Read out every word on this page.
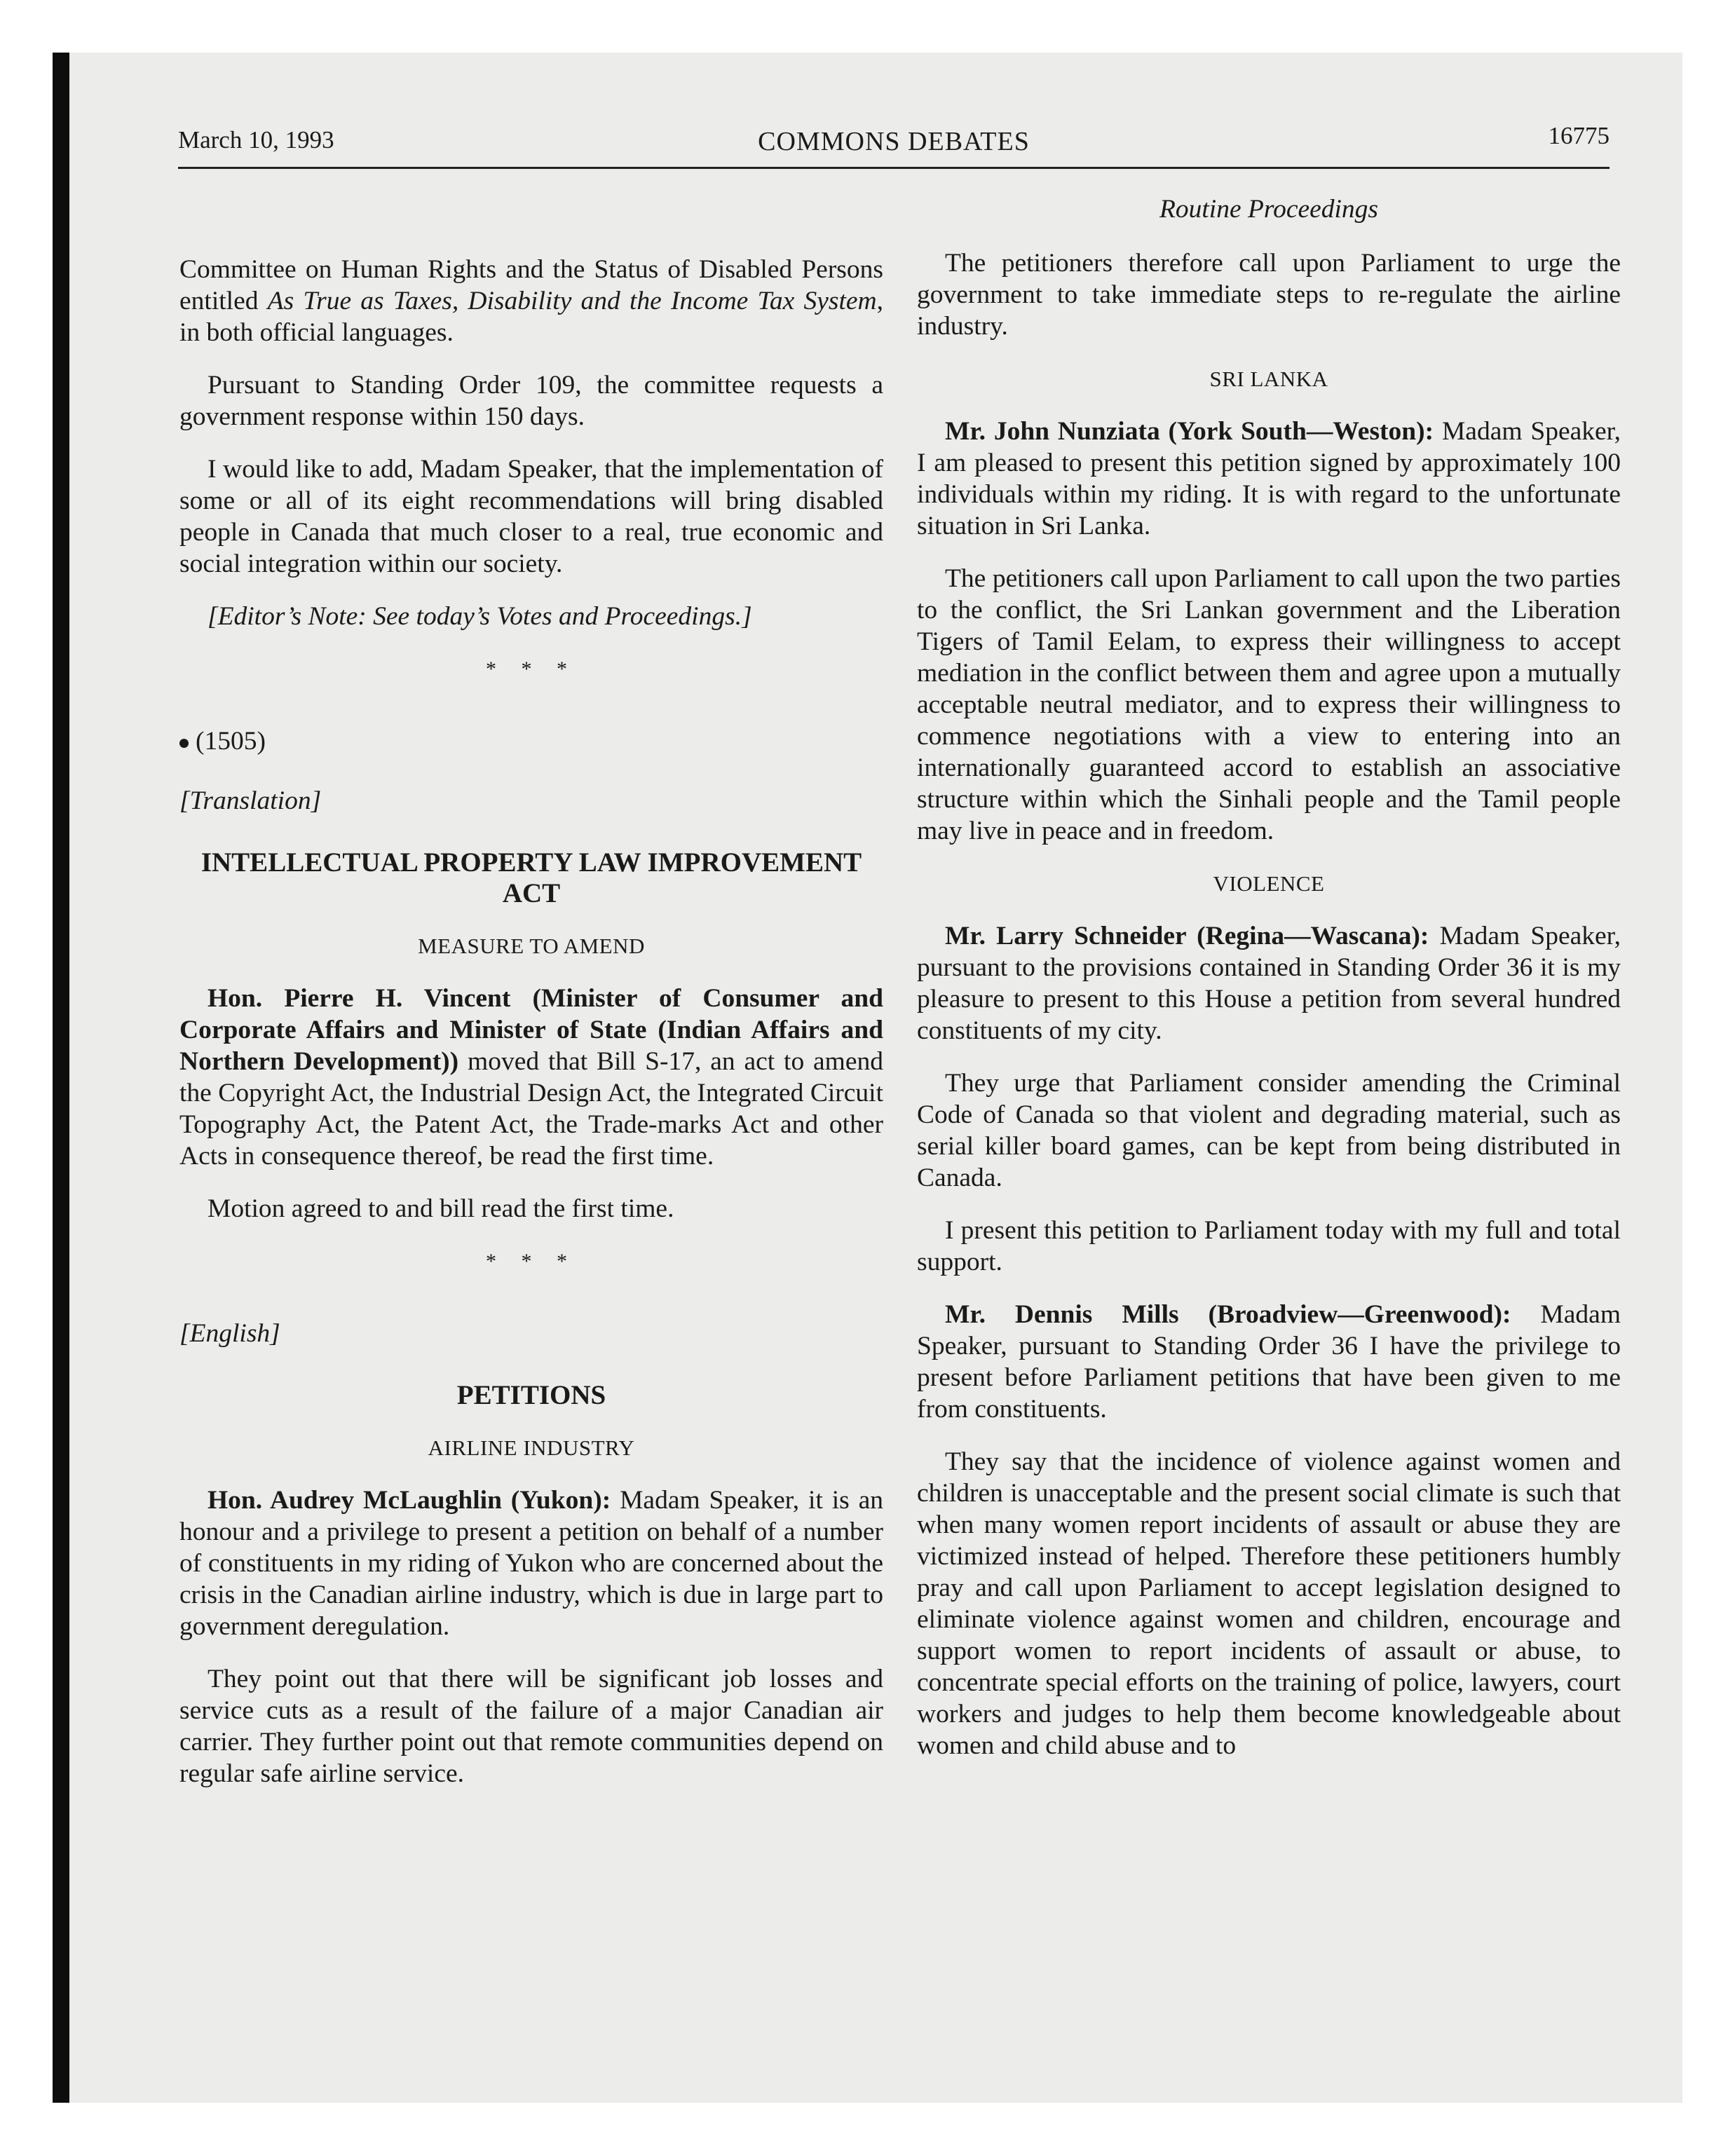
March 10, 1993	COMMONS DEBATES	16775

Committee on Human Rights and the Status of Disabled Persons entitled As True as Taxes, Disability and the Income Tax System, in both official languages.

Pursuant to Standing Order 109, the committee requests a government response within 150 days.

I would like to add, Madam Speaker, that the implementation of some or all of its eight recommendations will bring disabled people in Canada that much closer to a real, true economic and social integration within our society.

[Editor’s Note: See today’s Votes and Proceedings.]

* * *
(1505)
[Translation]
INTELLECTUAL PROPERTY LAW IMPROVEMENT ACT
MEASURE TO AMEND

Hon. Pierre H. Vincent (Minister of Consumer and Corporate Affairs and Minister of State (Indian Affairs and Northern Development)) moved that Bill S-17, an act to amend the Copyright Act, the Industrial Design Act, the Integrated Circuit Topography Act, the Patent Act, the Trade-marks Act and other Acts in consequence thereof, be read the first time.

Motion agreed to and bill read the first time.

* * *
[English]
PETITIONS
AIRLINE INDUSTRY

Hon. Audrey McLaughlin (Yukon): Madam Speaker, it is an honour and a privilege to present a petition on behalf of a number of constituents in my riding of Yukon who are concerned about the crisis in the Canadian airline industry, which is due in large part to government deregulation.

They point out that there will be significant job losses and service cuts as a result of the failure of a major Canadian air carrier. They further point out that remote communities depend on regular safe airline service.

Routine Proceedings

The petitioners therefore call upon Parliament to urge the government to take immediate steps to re-regulate the airline industry.

SRI LANKA

Mr. John Nunziata (York South—Weston): Madam Speaker, I am pleased to present this petition signed by approximately 100 individuals within my riding. It is with regard to the unfortunate situation in Sri Lanka.

The petitioners call upon Parliament to call upon the two parties to the conflict, the Sri Lankan government and the Liberation Tigers of Tamil Eelam, to express their willingness to accept mediation in the conflict between them and agree upon a mutually acceptable neutral mediator, and to express their willingness to commence negotiations with a view to entering into an internationally guaranteed accord to establish an associative structure within which the Sinhali people and the Tamil people may live in peace and in freedom.

VIOLENCE

Mr. Larry Schneider (Regina—Wascana): Madam Speaker, pursuant to the provisions contained in Standing Order 36 it is my pleasure to present to this House a petition from several hundred constituents of my city.

They urge that Parliament consider amending the Criminal Code of Canada so that violent and degrading material, such as serial killer board games, can be kept from being distributed in Canada.

I present this petition to Parliament today with my full and total support.

Mr. Dennis Mills (Broadview—Greenwood): Madam Speaker, pursuant to Standing Order 36 I have the privilege to present before Parliament petitions that have been given to me from constituents.

They say that the incidence of violence against women and children is unacceptable and the present social climate is such that when many women report incidents of assault or abuse they are victimized instead of helped. Therefore these petitioners humbly pray and call upon Parliament to accept legislation designed to eliminate violence against women and children, encourage and support women to report incidents of assault or abuse, to concentrate special efforts on the training of police, lawyers, court workers and judges to help them become knowledgeable about women and child abuse and to
